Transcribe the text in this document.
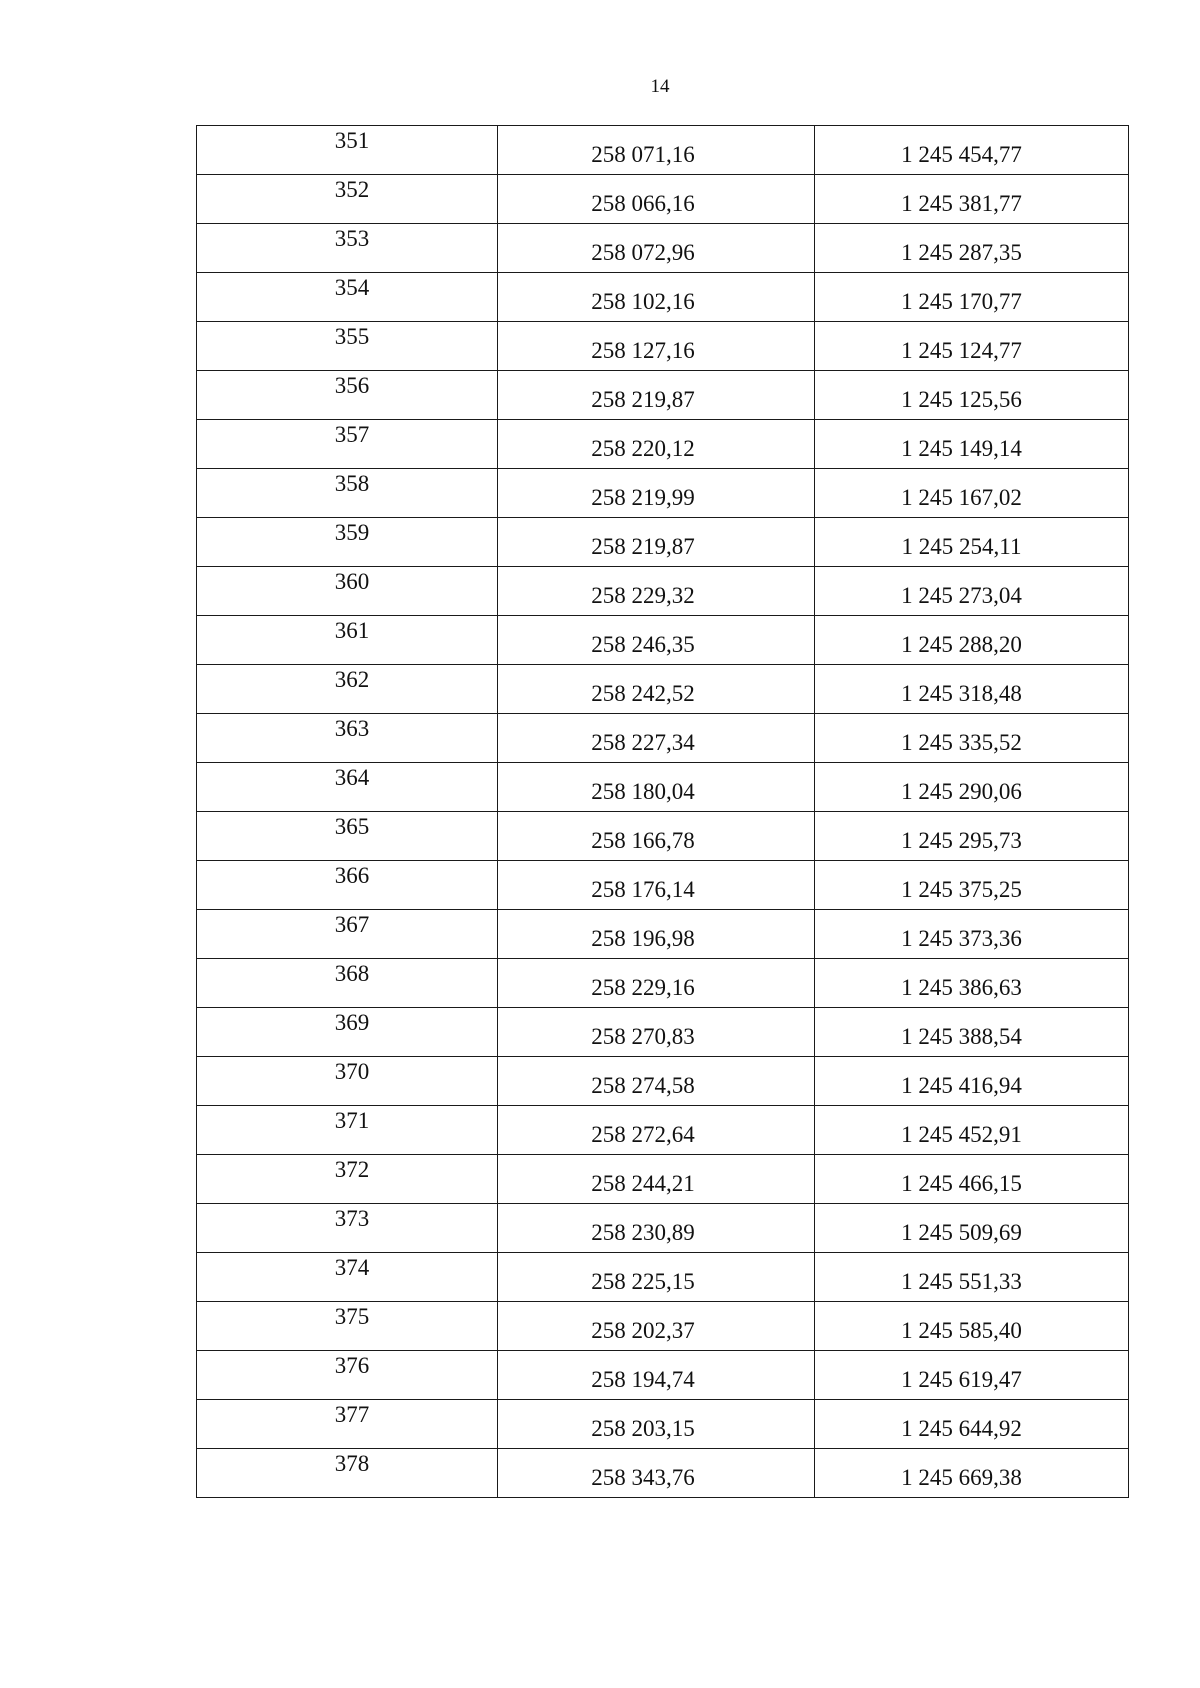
14
351	258 071,16	1 245 454,77
352	258 066,16	1 245 381,77
353	258 072,96	1 245 287,35
354	258 102,16	1 245 170,77
355	258 127,16	1 245 124,77
356	258 219,87	1 245 125,56
357	258 220,12	1 245 149,14
358	258 219,99	1 245 167,02
359	258 219,87	1 245 254,11
360	258 229,32	1 245 273,04
361	258 246,35	1 245 288,20
362	258 242,52	1 245 318,48
363	258 227,34	1 245 335,52
364	258 180,04	1 245 290,06
365	258 166,78	1 245 295,73
366	258 176,14	1 245 375,25
367	258 196,98	1 245 373,36
368	258 229,16	1 245 386,63
369	258 270,83	1 245 388,54
370	258 274,58	1 245 416,94
371	258 272,64	1 245 452,91
372	258 244,21	1 245 466,15
373	258 230,89	1 245 509,69
374	258 225,15	1 245 551,33
375	258 202,37	1 245 585,40
376	258 194,74	1 245 619,47
377	258 203,15	1 245 644,92
378	258 343,76	1 245 669,38
